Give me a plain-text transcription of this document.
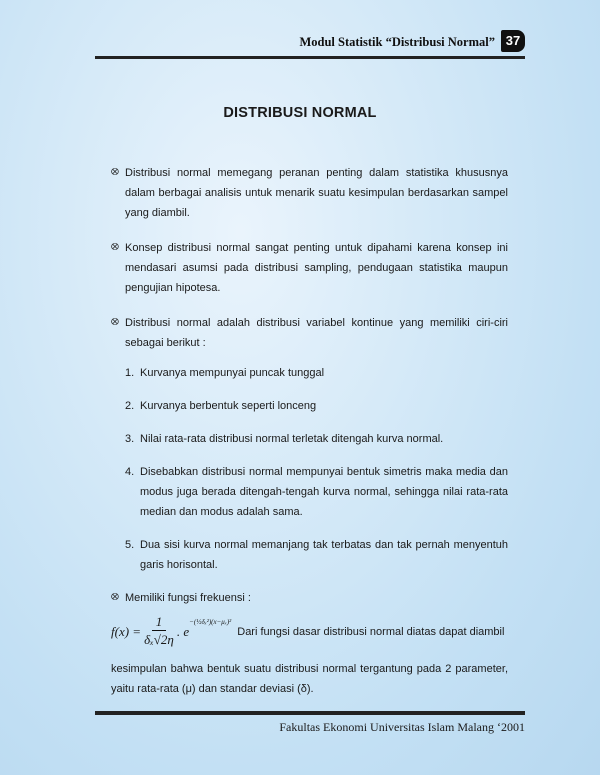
Modul Statistik “Distribusi Normal” 37
DISTRIBUSI NORMAL
⭙ Distribusi normal memegang peranan penting dalam statistika khususnya dalam berbagai analisis untuk menarik suatu kesimpulan berdasarkan sampel yang diambil.
⭙ Konsep distribusi normal sangat penting untuk dipahami karena konsep ini mendasari asumsi pada distribusi sampling, pendugaan statistika maupun pengujian hipotesa.
⭙ Distribusi normal adalah distribusi variabel kontinue yang memiliki ciri-ciri sebagai berikut :
1. Kurvanya mempunyai puncak tunggal
2. Kurvanya berbentuk seperti lonceng
3. Nilai rata-rata distribusi normal terletak ditengah kurva normal.
4. Disebabkan distribusi normal mempunyai bentuk simetris maka media dan modus juga berada ditengah-tengah kurva normal, sehingga nilai rata-rata median dan modus adalah sama.
5. Dua sisi kurva normal memanjang tak terbatas dan tak pernah menyentuh garis horisontal.
⭙ Memiliki fungsi frekuensi :
$f(x) = \frac{1}{\text{δₓ√2η}}$ . e
−(½δₓ²)(x−μₓ)²
Dari fungsi dasar distribusi normal diatas dapat diambil
kesimpulan bahwa bentuk suatu distribusi normal tergantung pada 2 parameter, yaitu rata-rata (μ) dan standar deviasi (δ).
Fakultas Ekonomi Universitas Islam Malang ‘2001
